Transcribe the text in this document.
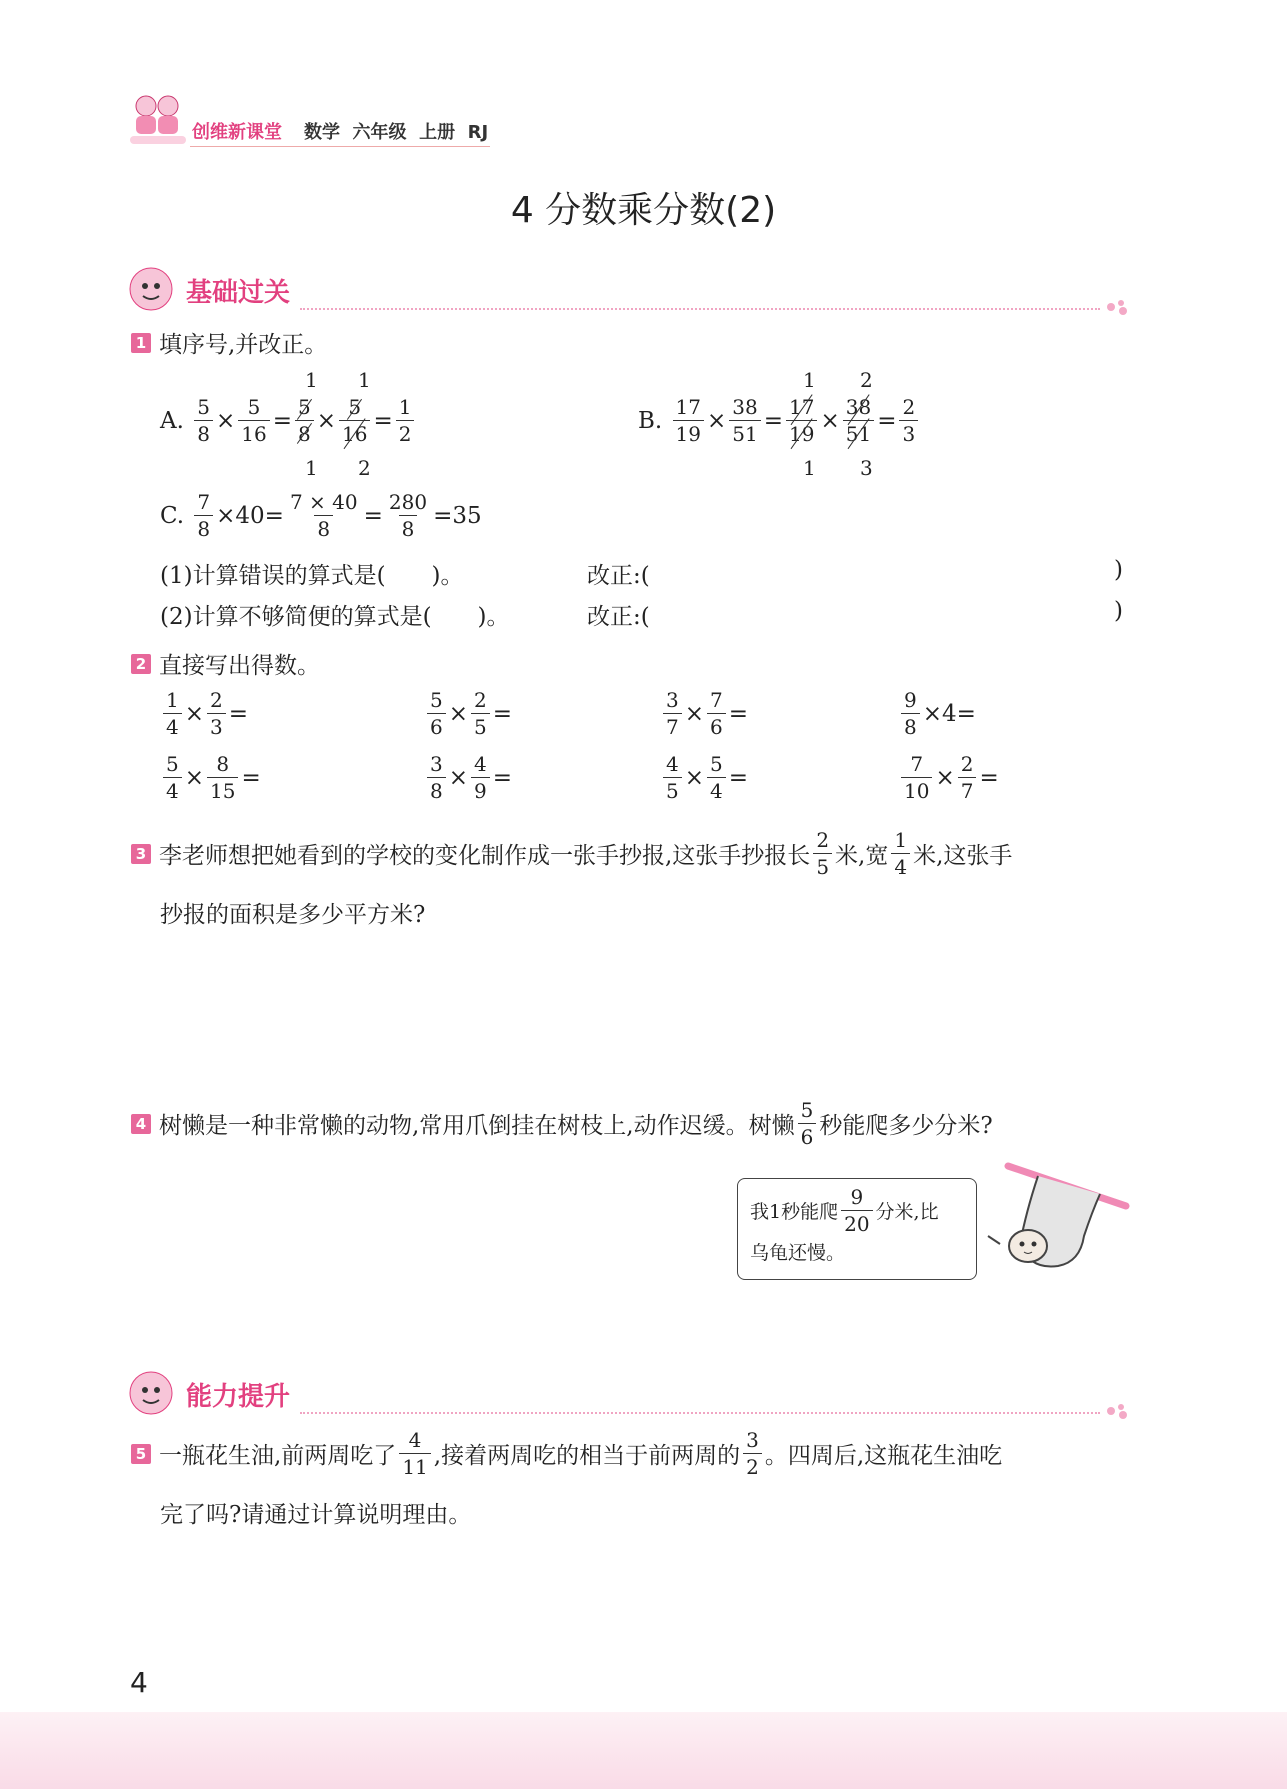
创维新课堂 数学 六年级 上册 RJ
4 分数乘分数(2)
基础过关
1 填序号,并改正。
A.
$\frac{5}{8} \times \frac{5}{16} = \frac{5}{8} \times \frac{5}{16} = \frac{1}{2}$
1 1
1 2
B.
$\frac{17}{19} \times \frac{38}{51} = \frac{17}{19} \times \frac{38}{51} = \frac{2}{3}$
1 2
1 3
C.
$\frac{7}{8} \times 40= \frac{7 \times 40}{8} = \frac{280}{8} =35$
(1)计算错误的算式是(　　)。	改正:(	)
(2)计算不够简便的算式是(　　)。	改正:(	)
2 直接写出得数。
$\frac{1}{4} \times \frac{2}{3}$ =	$\frac{5}{6} \times \frac{2}{5}$ =	$\frac{3}{7} \times \frac{7}{6}$ =	$\frac{9}{8} \times 4=$
$\frac{5}{4} \times \frac{8}{15}$ =	$\frac{3}{8} \times \frac{4}{9}$ =	$\frac{4}{5} \times \frac{5}{4}$ =	$\frac{7}{10} \times \frac{2}{7}$ =
3 李老师想把她看到的学校的变化制作成一张手抄报,这张手抄报长 $\frac{2}{5}$ 米,宽 $\frac{1}{4}$ 米,这张手
抄报的面积是多少平方米?
4 树懒是一种非常懒的动物,常用爪倒挂在树枝上,动作迟缓。树懒 $\frac{5}{6}$ 秒能爬多少分米?
我1秒能爬 $\frac{9}{20}$ 分米,比
乌龟还慢。
能力提升
5 一瓶花生油,前两周吃了 $\frac{4}{11}$ ,接着两周吃的相当于前两周的 $\frac{3}{2}$ 。四周后,这瓶花生油吃
完了吗?请通过计算说明理由。
4
